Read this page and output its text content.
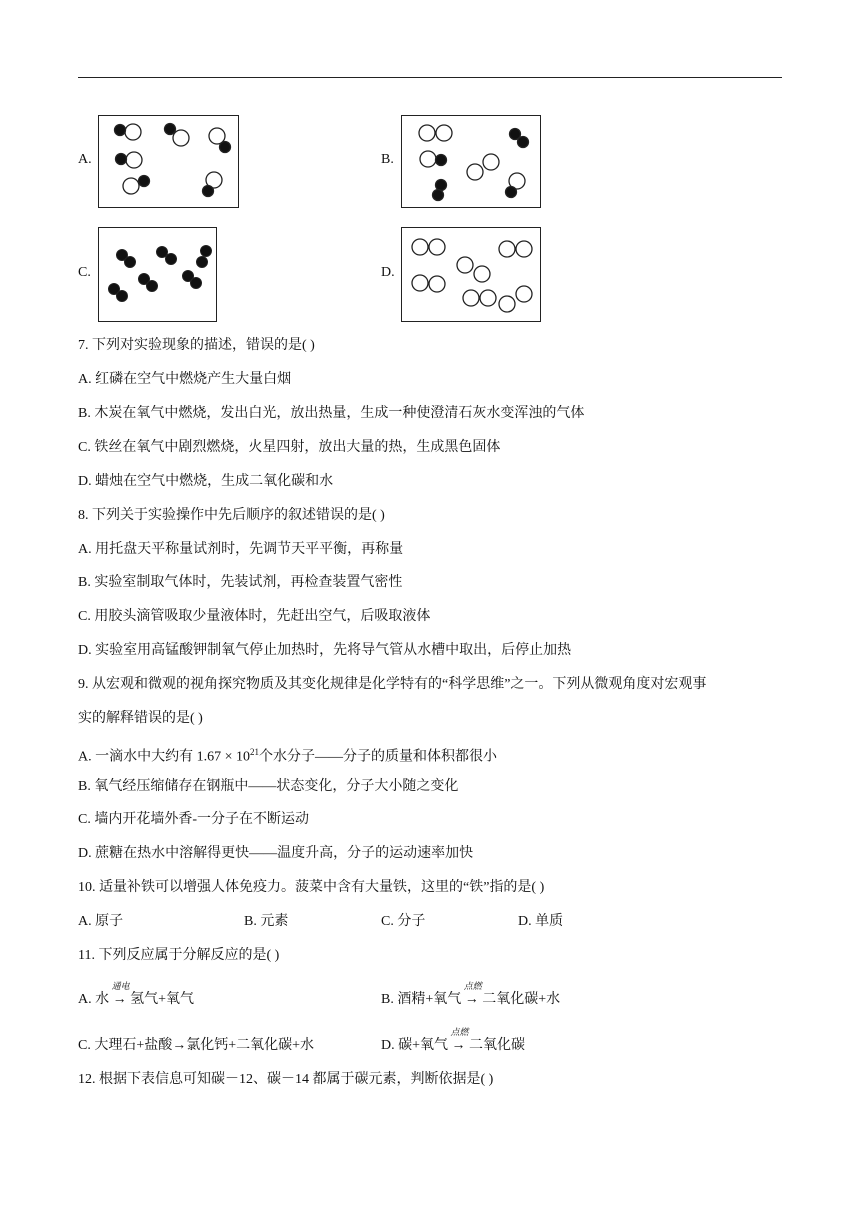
A.	B.
C.	D.
7. 下列对实验现象的描述，错误的是( )
A. 红磷在空气中燃烧产生大量白烟
B. 木炭在氧气中燃烧，发出白光，放出热量，生成一种使澄清石灰水变浑浊的气体
C. 铁丝在氧气中剧烈燃烧，火星四射，放出大量的热，生成黑色固体
D. 蜡烛在空气中燃烧，生成二氧化碳和水
8. 下列关于实验操作中先后顺序的叙述错误的是( )
A. 用托盘天平称量试剂时，先调节天平平衡，再称量
B. 实验室制取气体时，先装试剂，再检查装置气密性
C. 用胶头滴管吸取少量液体时，先赶出空气，后吸取液体
D. 实验室用高锰酸钾制氧气停止加热时，先将导气管从水槽中取出，后停止加热
9. 从宏观和微观的视角探究物质及其变化规律是化学特有的“科学思维”之一。下列从微观角度对宏观事
实的解释错误的是( )
A. 一滴水中大约有 $1.67 \times 10^{21}$个水分子——分子的质量和体积都很小
B. 氧气经压缩储存在钢瓶中——状态变化，分子大小随之变化
C. 墙内开花墙外香-一分子在不断运动
D. 蔗糖在热水中溶解得更快——温度升高，分子的运动速率加快
10. 适量补铁可以增强人体免疫力。菠菜中含有大量铁，这里的“铁”指的是( )
A. 原子	B. 元素	C. 分子	D. 单质
11. 下列反应属于分解反应的是( )
A. 水
通电
→ 氢气+氧气	B. 酒精+氧气
点燃
→ 二氧化碳+水
C. 大理石+盐酸→氯化钙+二氧化碳+水	D. 碳+氧气
点燃
→ 二氧化碳
12. 根据下表信息可知碳－12、碳－14 都属于碳元素，判断依据是( )
